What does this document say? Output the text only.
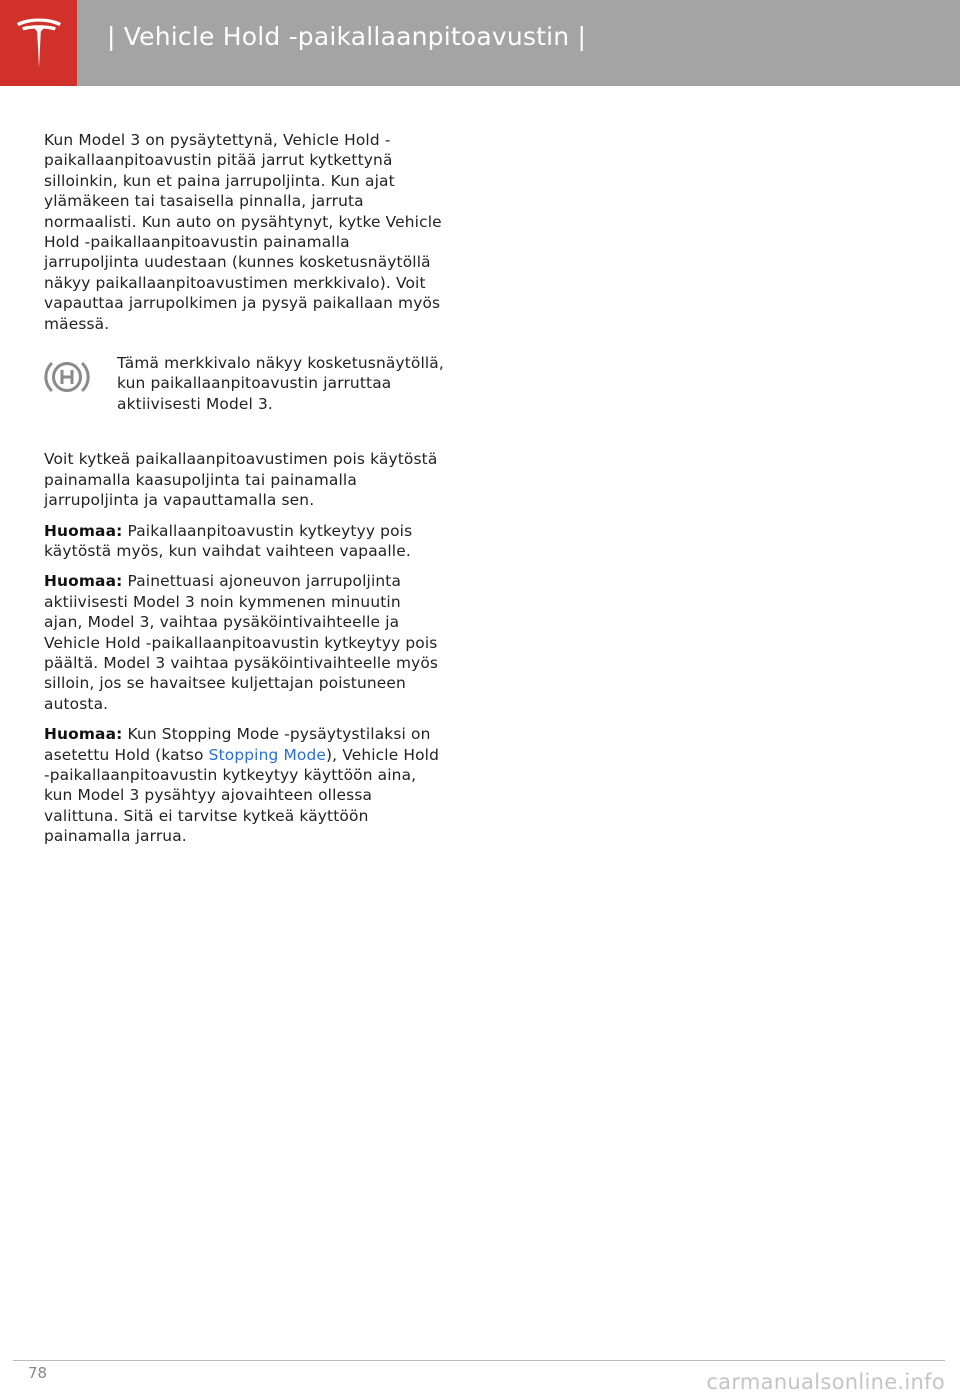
| Vehicle Hold -paikallaanpitoavustin |

Kun Model 3 on pysäytettynä, Vehicle Hold -paikallaanpitoavustin pitää jarrut kytkettynä silloinkin, kun et paina jarrupoljinta. Kun ajat ylämäkeen tai tasaisella pinnalla, jarruta normaalisti. Kun auto on pysähtynyt, kytke Vehicle Hold -paikallaanpitoavustin painamalla jarrupoljinta uudestaan (kunnes kosketusnäytöllä näkyy paikallaanpitoavustimen merkkivalo). Voit vapauttaa jarrupolkimen ja pysyä paikallaan myös mäessä.

Tämä merkkivalo näkyy kosketusnäytöllä, kun paikallaanpitoavustin jarruttaa aktiivisesti Model 3.

Voit kytkeä paikallaanpitoavustimen pois käytöstä painamalla kaasupoljinta tai painamalla jarrupoljinta ja vapauttamalla sen.

Huomaa: Paikallaanpitoavustin kytkeytyy pois käytöstä myös, kun vaihdat vaihteen vapaalle.

Huomaa: Painettuasi ajoneuvon jarrupoljinta aktiivisesti Model 3 noin kymmenen minuutin ajan, Model 3, vaihtaa pysäköintivaihteelle ja Vehicle Hold -paikallaanpitoavustin kytkeytyy pois päältä. Model 3 vaihtaa pysäköintivaihteelle myös silloin, jos se havaitsee kuljettajan poistuneen autosta.

Huomaa: Kun Stopping Mode -pysäytystilaksi on asetettu Hold (katso Stopping Mode), Vehicle Hold -paikallaanpitoavustin kytkeytyy käyttöön aina, kun Model 3 pysähtyy ajovaihteen ollessa valittuna. Sitä ei tarvitse kytkeä käyttöön painamalla jarrua.

78	carmanualsonline.info
